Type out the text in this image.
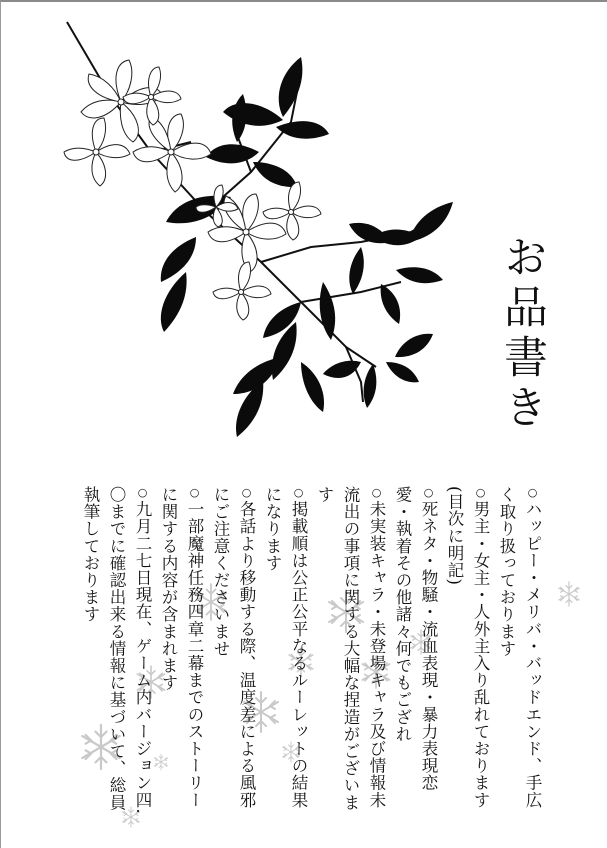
お品書き

○ハッピー・メリバ・バッドエンド、手広く取り扱っております

○男主・女主・人外主入り乱れております(目次に明記)

○死ネタ・物騒・流血表現・暴力表現恋愛・執着その他諸々何でもござれ

○未実装キャラ・未登場キャラ及び情報未流出の事項に関する大幅な捏造がございます

○掲載順は公正公平なるルーレットの結果になります

○各話より移動する際、温度差による風邪にご注意くださいませ

○一部魔神任務四章二幕までのストーリーに関する内容が含まれます

○九月二七日現在、ゲーム内バージョン四.〇までに確認出来る情報に基づいて、総員執筆しております
